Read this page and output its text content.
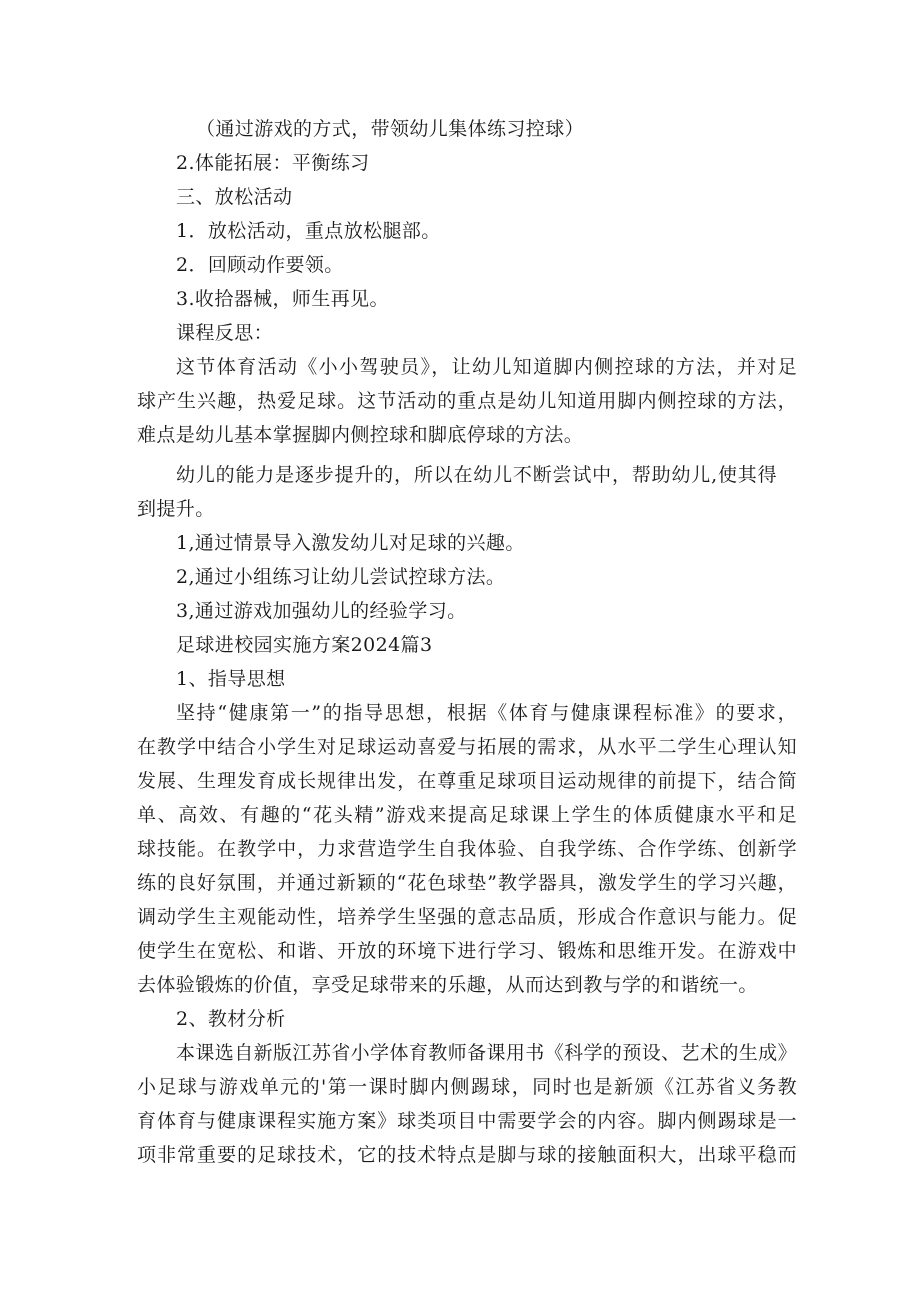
（通过游戏的方式，带领幼儿集体练习控球）
2.体能拓展：平衡练习
三、放松活动
1．放松活动，重点放松腿部。
2．回顾动作要领。
3.收拾器械，师生再见。
课程反思：
这节体育活动《小小驾驶员》，让幼儿知道脚内侧控球的方法，并对足
球产生兴趣，热爱足球。这节活动的重点是幼儿知道用脚内侧控球的方法，
难点是幼儿基本掌握脚内侧控球和脚底停球的方法。
幼儿的能力是逐步提升的，所以在幼儿不断尝试中，帮助幼儿,使其得
到提升。
1,通过情景导入激发幼儿对足球的兴趣。
2,通过小组练习让幼儿尝试控球方法。
3,通过游戏加强幼儿的经验学习。
足球进校园实施方案2024篇3
1、指导思想
坚持“健康第一”的指导思想，根据《体育与健康课程标准》的要求，
在教学中结合小学生对足球运动喜爱与拓展的需求，从水平二学生心理认知
发展、生理发育成长规律出发，在尊重足球项目运动规律的前提下，结合简
单、高效、有趣的“花头精”游戏来提高足球课上学生的体质健康水平和足
球技能。在教学中，力求营造学生自我体验、自我学练、合作学练、创新学
练的良好氛围，并通过新颖的“花色球垫”教学器具，激发学生的学习兴趣，
调动学生主观能动性，培养学生坚强的意志品质，形成合作意识与能力。促
使学生在宽松、和谐、开放的环境下进行学习、锻炼和思维开发。在游戏中
去体验锻炼的价值，享受足球带来的乐趣，从而达到教与学的和谐统一。
2、教材分析
本课选自新版江苏省小学体育教师备课用书《科学的预设、艺术的生成》
小足球与游戏单元的'第一课时脚内侧踢球，同时也是新颁《江苏省义务教
育体育与健康课程实施方案》球类项目中需要学会的内容。脚内侧踢球是一
项非常重要的足球技术，它的技术特点是脚与球的接触面积大，出球平稳而
